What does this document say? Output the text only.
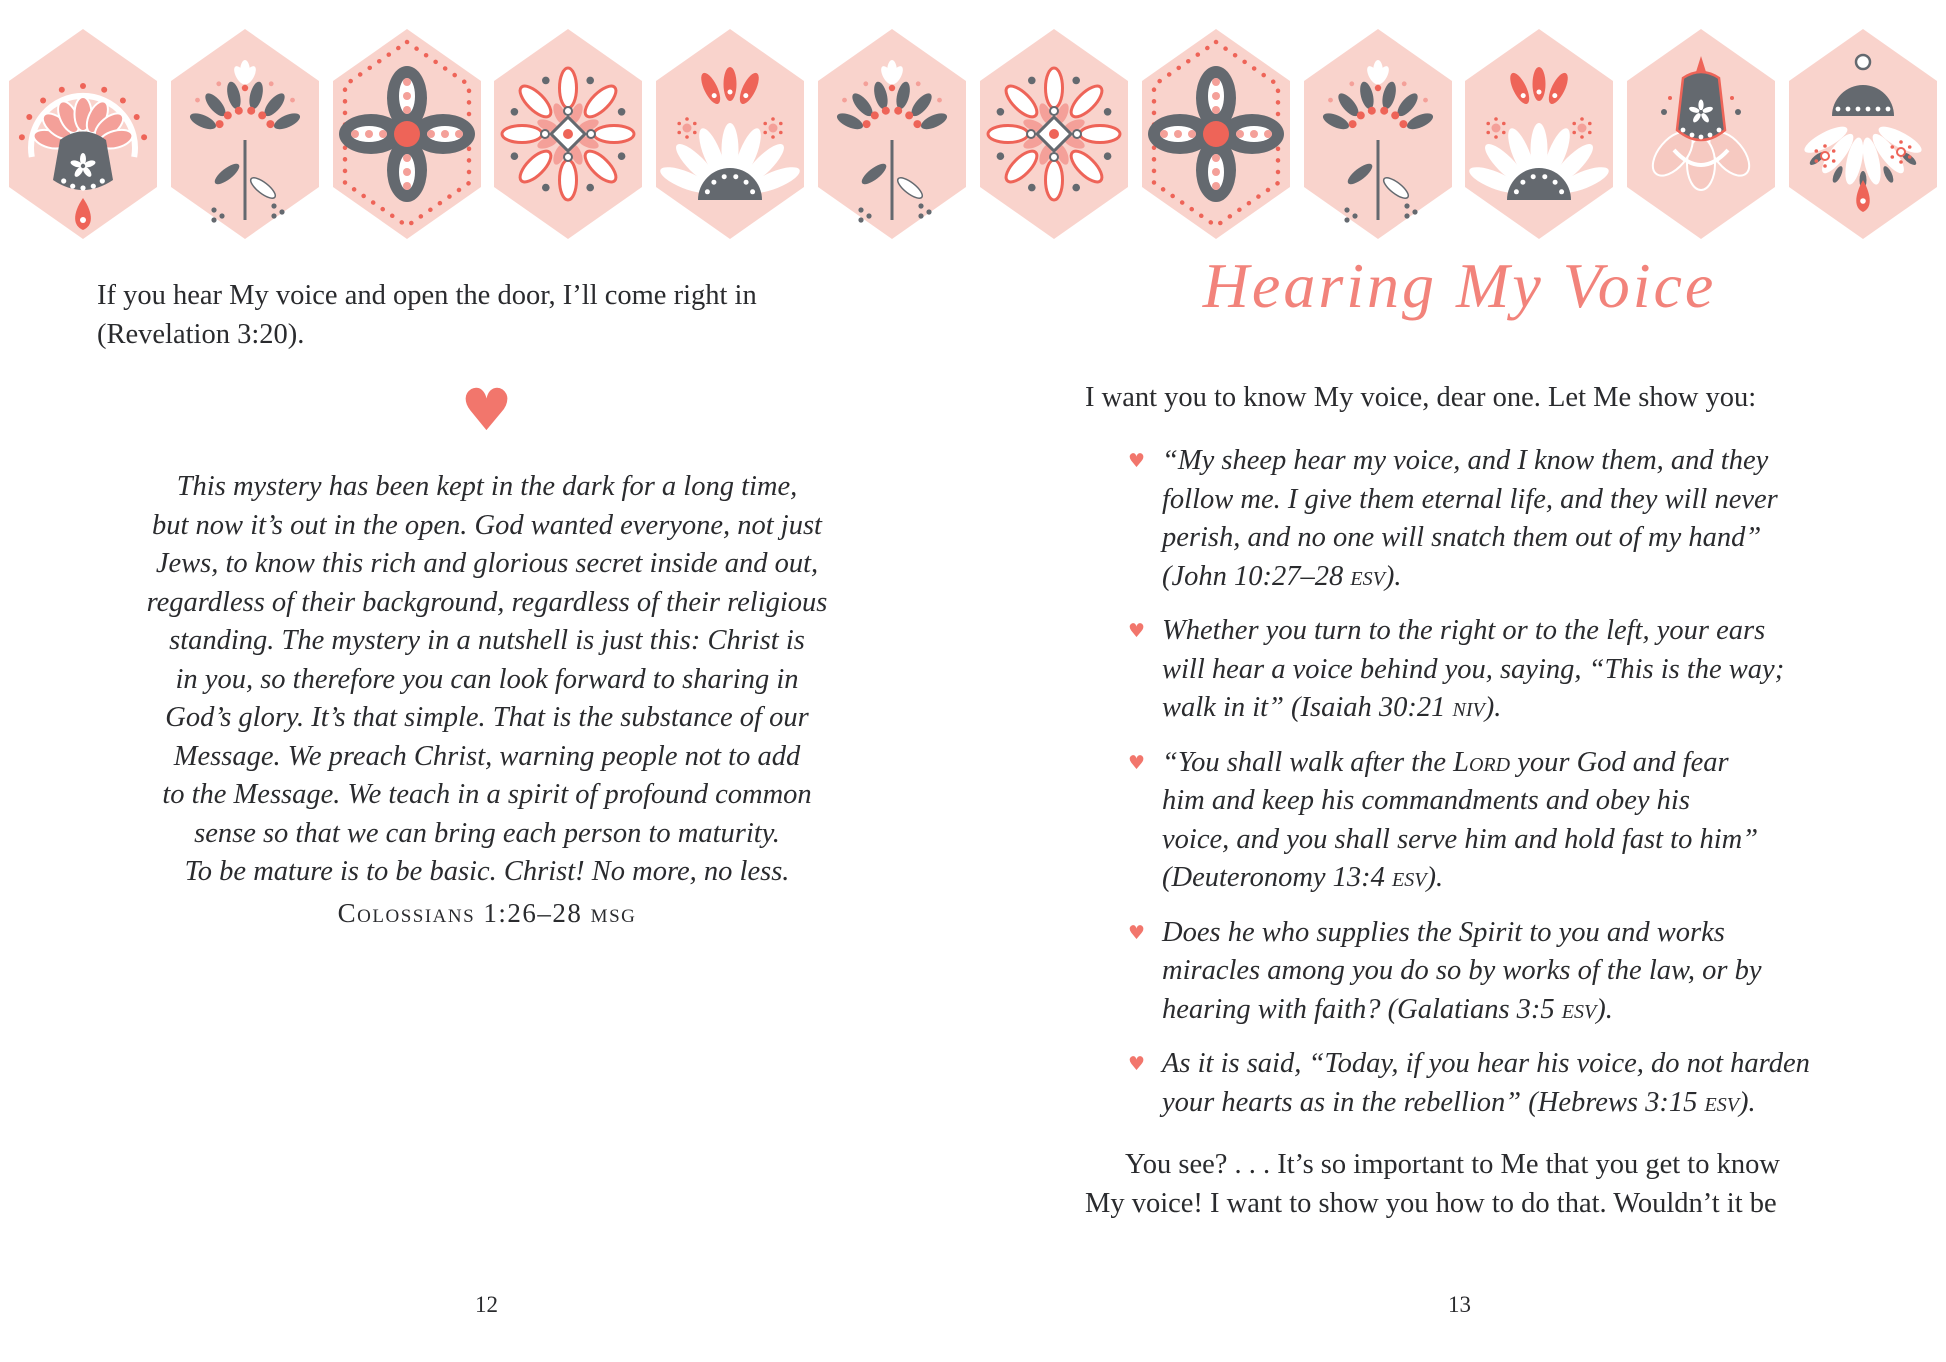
If you hear My voice and open the door, I’ll come right in
(Revelation 3:20).
♥
This mystery has been kept in the dark for a long time,
but now it’s out in the open. God wanted everyone, not just
Jews, to know this rich and glorious secret inside and out,
regardless of their background, regardless of their religious
standing. The mystery in a nutshell is just this: Christ is
in you, so therefore you can look forward to sharing in
God’s glory. It’s that simple. That is the substance of our
Message. We preach Christ, warning people not to add
to the Message. We teach in a spirit of profound common
sense so that we can bring each person to maturity.
To be mature is to be basic. Christ! No more, no less.
Colossians 1:26–28 msg
12
Hearing My Voice
I want you to know My voice, dear one. Let Me show you:
♥ “My sheep hear my voice, and I know them, and they
follow me. I give them eternal life, and they will never
perish, and no one will snatch them out of my hand”
(John 10:27–28 esv).
♥ Whether you turn to the right or to the left, your ears
will hear a voice behind you, saying, “This is the way;
walk in it” (Isaiah 30:21 niv).
♥ “You shall walk after the Lord your God and fear
him and keep his commandments and obey his
voice, and you shall serve him and hold fast to him”
(Deuteronomy 13:4 esv).
♥ Does he who supplies the Spirit to you and works
miracles among you do so by works of the law, or by
hearing with faith? (Galatians 3:5 esv).
♥ As it is said, “Today, if you hear his voice, do not harden
your hearts as in the rebellion” (Hebrews 3:15 esv).
You see? . . . It’s so important to Me that you get to know
My voice! I want to show you how to do that. Wouldn’t it be
13
